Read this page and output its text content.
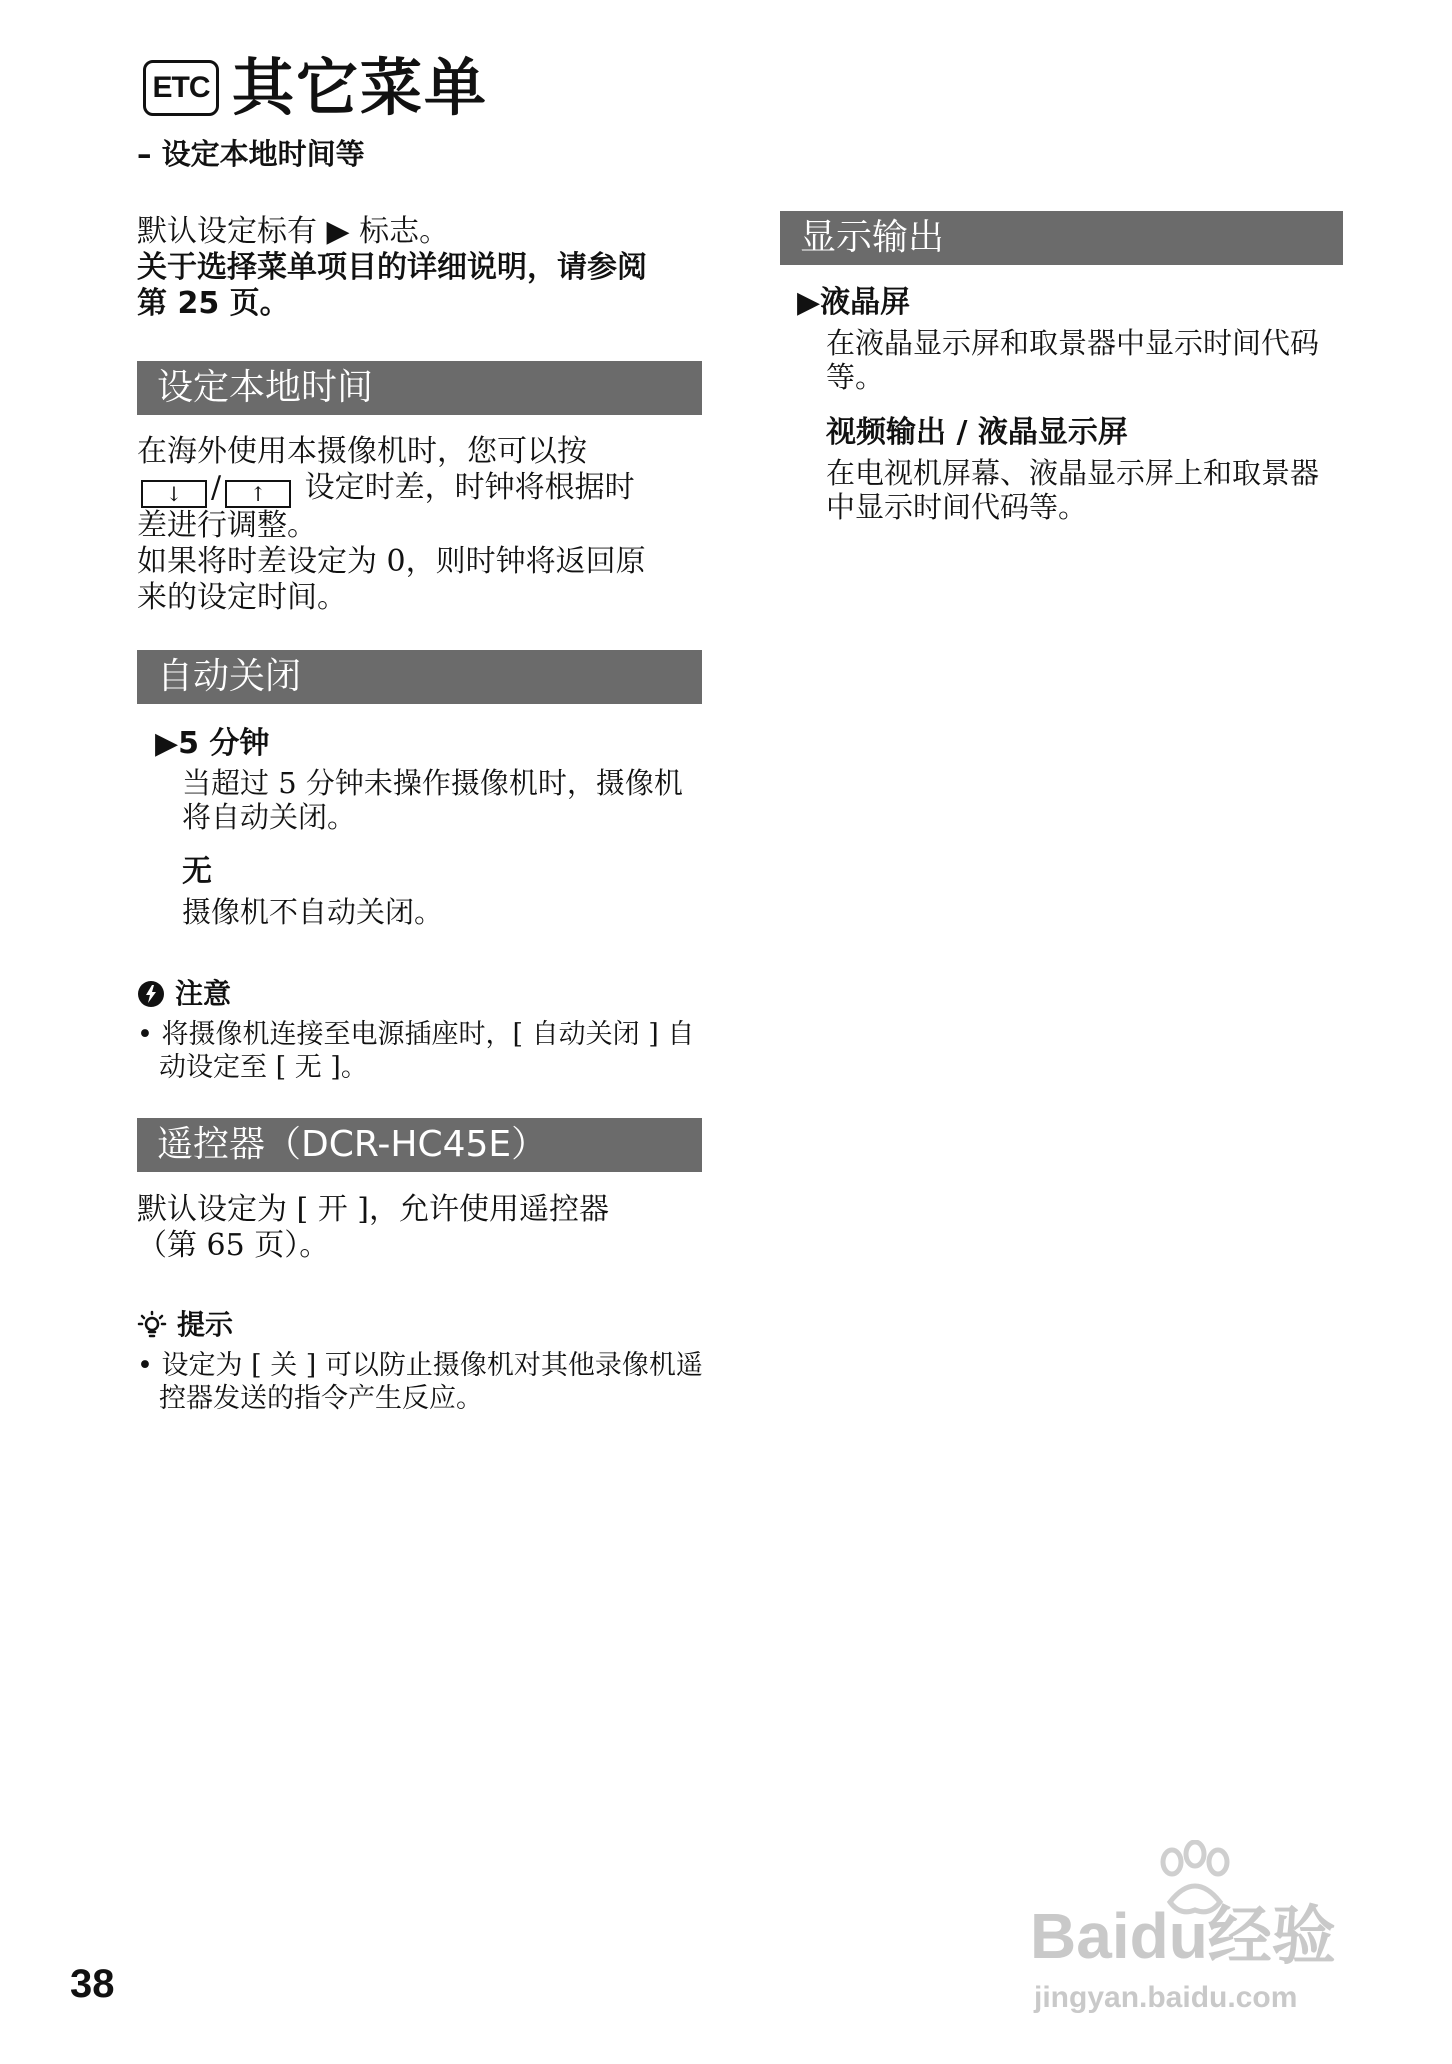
ETC 其它菜单
– 设定本地时间等

默认设定标有 ▶ 标志。

关于选择菜单项目的详细说明，请参阅

第 25 页。

设定本地时间

在海外使用本摄像机时，您可以按

↓ / ↑ 设定时差，时钟将根据时

差进行调整。

如果将时差设定为 0，则时钟将返回原

来的设定时间。

自动关闭
▶5 分钟
当超过 5 分钟未操作摄像机时，摄像机
将自动关闭。
无
摄像机不自动关闭。
注意
• 将摄像机连接至电源插座时，[ 自动关闭 ] 自
动设定至 [ 无 ]。
遥控器（DCR-HC45E）

默认设定为 [ 开 ]，允许使用遥控器

（第 65 页）。

提示
• 设定为 [ 关 ] 可以防止摄像机对其他录像机遥
控器发送的指令产生反应。
显示输出
▶液晶屏
在液晶显示屏和取景器中显示时间代码
等。
视频输出 / 液晶显示屏
在电视机屏幕、液晶显示屏上和取景器
中显示时间代码等。
38
Baidu经验
jingyan.baidu.com
